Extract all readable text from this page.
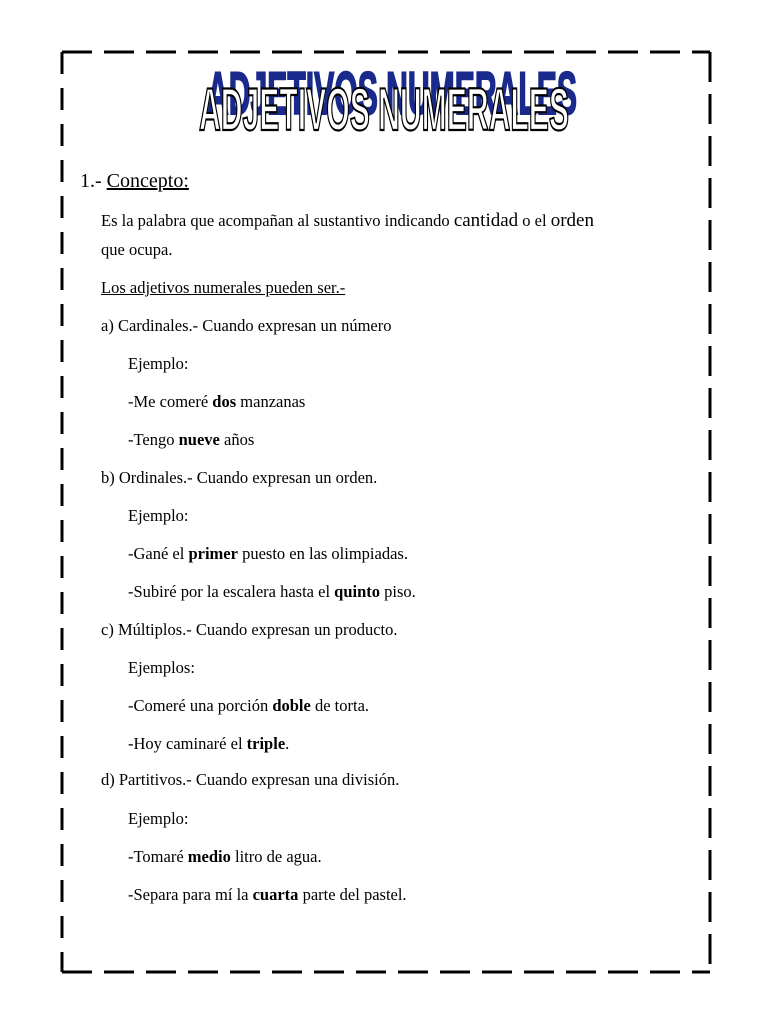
ADJETIVOS NUMERALES
ADJETIVOS NUMERALES
1.- Concepto:
Es la palabra que acompañan al sustantivo indicando cantidad o el orden
que ocupa.
Los adjetivos numerales pueden ser.-
a) Cardinales.- Cuando expresan un número
Ejemplo:
-Me comeré dos manzanas
-Tengo nueve años
b) Ordinales.- Cuando expresan un orden.
Ejemplo:
-Gané el primer puesto en las olimpiadas.
-Subiré por la escalera hasta el quinto piso.
c) Múltiplos.- Cuando expresan un producto.
Ejemplos:
-Comeré una porción doble de torta.
-Hoy caminaré el triple.
d) Partitivos.- Cuando expresan una división.
Ejemplo:
-Tomaré medio litro de agua.
-Separa para mí la cuarta parte del pastel.
